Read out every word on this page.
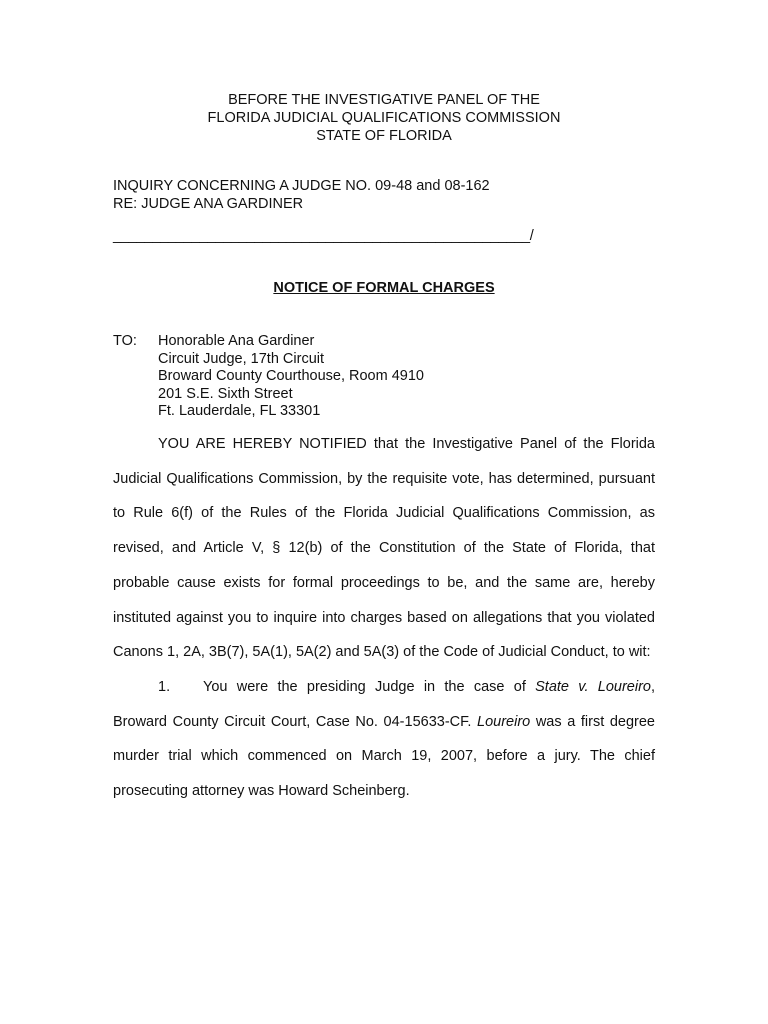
BEFORE THE INVESTIGATIVE PANEL OF THE
FLORIDA JUDICIAL QUALIFICATIONS COMMISSION
STATE OF FLORIDA
INQUIRY CONCERNING A JUDGE NO. 09-48 and 08-162
RE: JUDGE ANA GARDINER
_____________________________________________________/
NOTICE OF FORMAL CHARGES
TO: Honorable Ana Gardiner
Circuit Judge, 17th Circuit
Broward County Courthouse, Room 4910
201 S.E. Sixth Street
Ft. Lauderdale, FL 33301

YOU ARE HEREBY NOTIFIED that the Investigative Panel of the Florida Judicial Qualifications Commission, by the requisite vote, has determined, pursuant to Rule 6(f) of the Rules of the Florida Judicial Qualifications Commission, as revised, and Article V, § 12(b) of the Constitution of the State of Florida, that probable cause exists for formal proceedings to be, and the same are, hereby instituted against you to inquire into charges based on allegations that you violated Canons 1, 2A, 3B(7), 5A(1), 5A(2) and 5A(3) of the Code of Judicial Conduct, to wit:

1. You were the presiding Judge in the case of State v. Loureiro, Broward County Circuit Court, Case No. 04-15633-CF. Loureiro was a first degree murder trial which commenced on March 19, 2007, before a jury. The chief prosecuting attorney was Howard Scheinberg.
